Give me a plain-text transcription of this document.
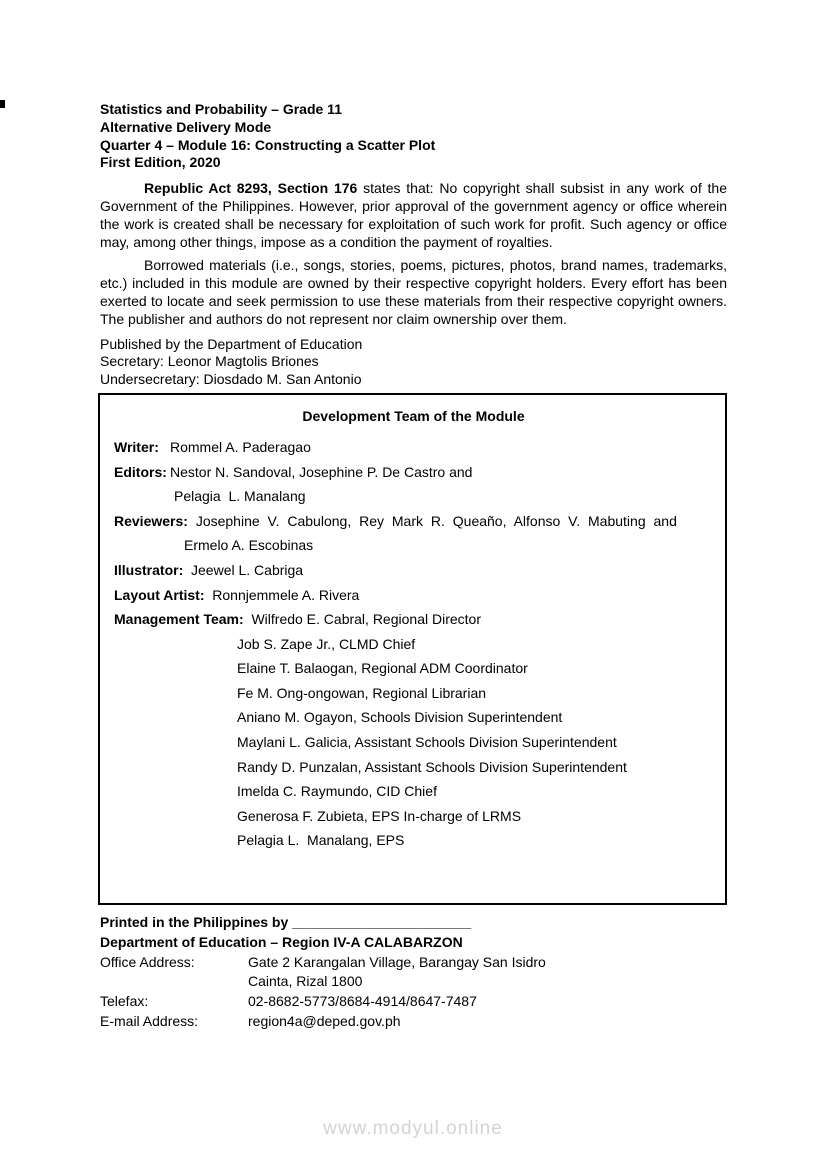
Statistics and Probability – Grade 11
Alternative Delivery Mode
Quarter 4 – Module 16: Constructing a Scatter Plot
First Edition, 2020

Republic Act 8293, Section 176 states that: No copyright shall subsist in any work of the Government of the Philippines. However, prior approval of the government agency or office wherein the work is created shall be necessary for exploitation of such work for profit. Such agency or office may, among other things, impose as a condition the payment of royalties.

Borrowed materials (i.e., songs, stories, poems, pictures, photos, brand names, trademarks, etc.) included in this module are owned by their respective copyright holders. Every effort has been exerted to locate and seek permission to use these materials from their respective copyright owners. The publisher and authors do not represent nor claim ownership over them.

Published by the Department of Education
Secretary: Leonor Magtolis Briones
Undersecretary: Diosdado M. San Antonio
Development Team of the Module
Writer: Rommel A. Paderagao
Editors: Nestor N. Sandoval, Josephine P. De Castro and
Pelagia  L. Manalang
Reviewers: Josephine V. Cabulong, Rey Mark R. Queaño, Alfonso V. Mabuting and
Ermelo A. Escobinas
Illustrator:  Jeewel L. Cabriga
Layout Artist:  Ronnjemmele A. Rivera
Management Team:  Wilfredo E. Cabral, Regional Director
Job S. Zape Jr., CLMD Chief
Elaine T. Balaogan, Regional ADM Coordinator
Fe M. Ong-ongowan, Regional Librarian
Aniano M. Ogayon, Schools Division Superintendent
Maylani L. Galicia, Assistant Schools Division Superintendent
Randy D. Punzalan, Assistant Schools Division Superintendent
Imelda C. Raymundo, CID Chief
Generosa F. Zubieta, EPS In-charge of LRMS
Pelagia L.  Manalang, EPS
Printed in the Philippines by _______________________
Department of Education – Region IV-A CALABARZON
Office Address:	Gate 2 Karangalan Village, Barangay San Isidro
Cainta, Rizal 1800
Telefax:	02-8682-5773/8684-4914/8647-7487
E-mail Address:	region4a@deped.gov.ph
www.modyul.online
